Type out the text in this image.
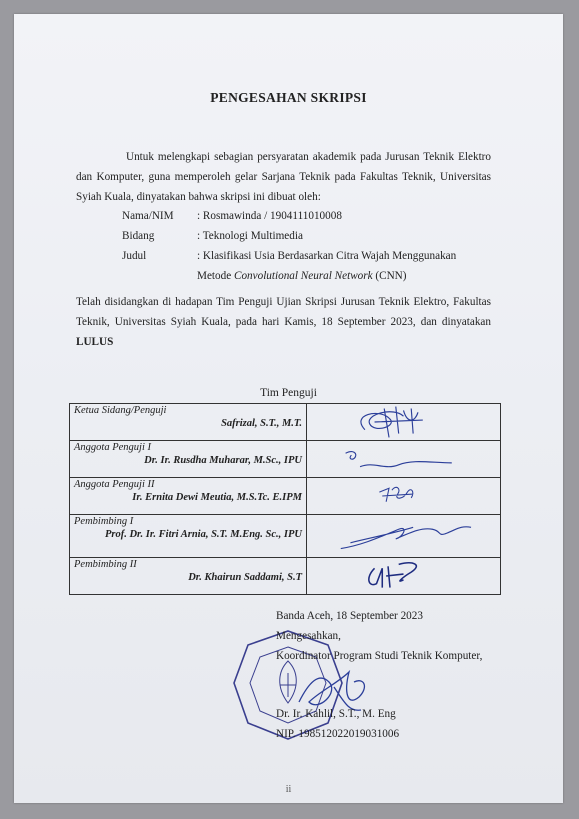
PENGESAHAN SKRIPSI
Untuk melengkapi sebagian persyaratan akademik pada Jurusan Teknik Elektro dan Komputer, guna memperoleh gelar Sarjana Teknik pada Fakultas Teknik, Universitas Syiah Kuala, dinyatakan bahwa skripsi ini dibuat oleh:
Nama/NIM	: Rosmawinda / 1904111010008
Bidang	: Teknologi Multimedia
Judul	: Klasifikasi Usia Berdasarkan Citra Wajah Menggunakan
Metode Convolutional Neural Network (CNN)
Telah disidangkan di hadapan Tim Penguji Ujian Skripsi Jurusan Teknik Elektro, Fakultas Teknik, Universitas Syiah Kuala, pada hari Kamis, 18 September 2023, dan dinyatakan LULUS
Tim Penguji
Ketua Sidang/Penguji
Safrizal, S.T., M.T.

Anggota Penguji I
Dr. Ir. Rusdha Muharar, M.Sc., IPU

Anggota Penguji II
Ir. Ernita Dewi Meutia, M.S.Tc. E.IPM

Pembimbing I
Prof. Dr. Ir. Fitri Arnia, S.T. M.Eng. Sc., IPU

Pembimbing II
Dr. Khairun Saddami, S.T

Banda Aceh, 18 September 2023
Mengesahkan,
Koordinator Program Studi Teknik Komputer,
Dr. Ir. Kahlil, S.T., M. Eng
NIP. 198512022019031006
ii
